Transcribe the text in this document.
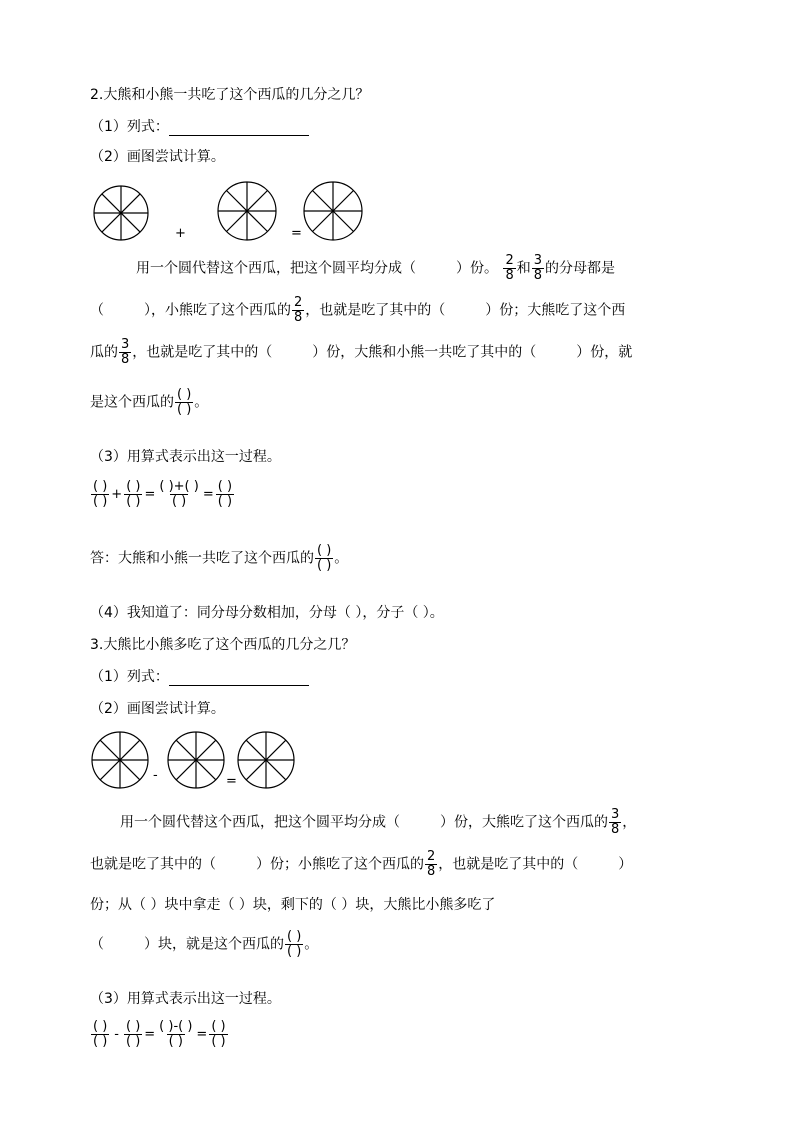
2.大熊和小熊一共吃了这个西瓜的几分之几？
（1）列式：
（2）画图尝试计算。
+	=
用一个圆代替这个西瓜，把这个圆平均分成（	）份。 $\frac{2}{8}$ 和 $\frac{3}{8}$ 的分母都是
（	），小熊吃了这个西瓜的 $\frac{2}{8}$ ，也就是吃了其中的（	）份；大熊吃了这个西
瓜的 $\frac{3}{8}$ ，也就是吃了其中的（	）份，大熊和小熊一共吃了其中的（	）份，就
是这个西瓜的 $\frac{( )}{( )}$ 。
（3）用算式表示出这一过程。
$\frac{( )}{( )} + \frac{( )}{( )} = \frac{( )+( )}{( )} = \frac{( )}{( )}$
答：大熊和小熊一共吃了这个西瓜的 $\frac{( )}{( )}$ 。
（4）我知道了：同分母分数相加，分母（ ），分子（ ）。
3.大熊比小熊多吃了这个西瓜的几分之几？
（1）列式：
（2）画图尝试计算。
-	=
用一个圆代替这个西瓜，把这个圆平均分成（	）份，大熊吃了这个西瓜的 $\frac{3}{8}$ ，
也就是吃了其中的（	）份；小熊吃了这个西瓜的 $\frac{2}{8}$ ，也就是吃了其中的（	）
份；从（ ）块中拿走（ ）块，剩下的（ ）块，大熊比小熊多吃了
（	）块，就是这个西瓜的 $\frac{( )}{( )}$ 。
（3）用算式表示出这一过程。
$\frac{( )}{( )} - \frac{( )}{( )} = \frac{( )-( )}{( )} = \frac{( )}{( )}$
